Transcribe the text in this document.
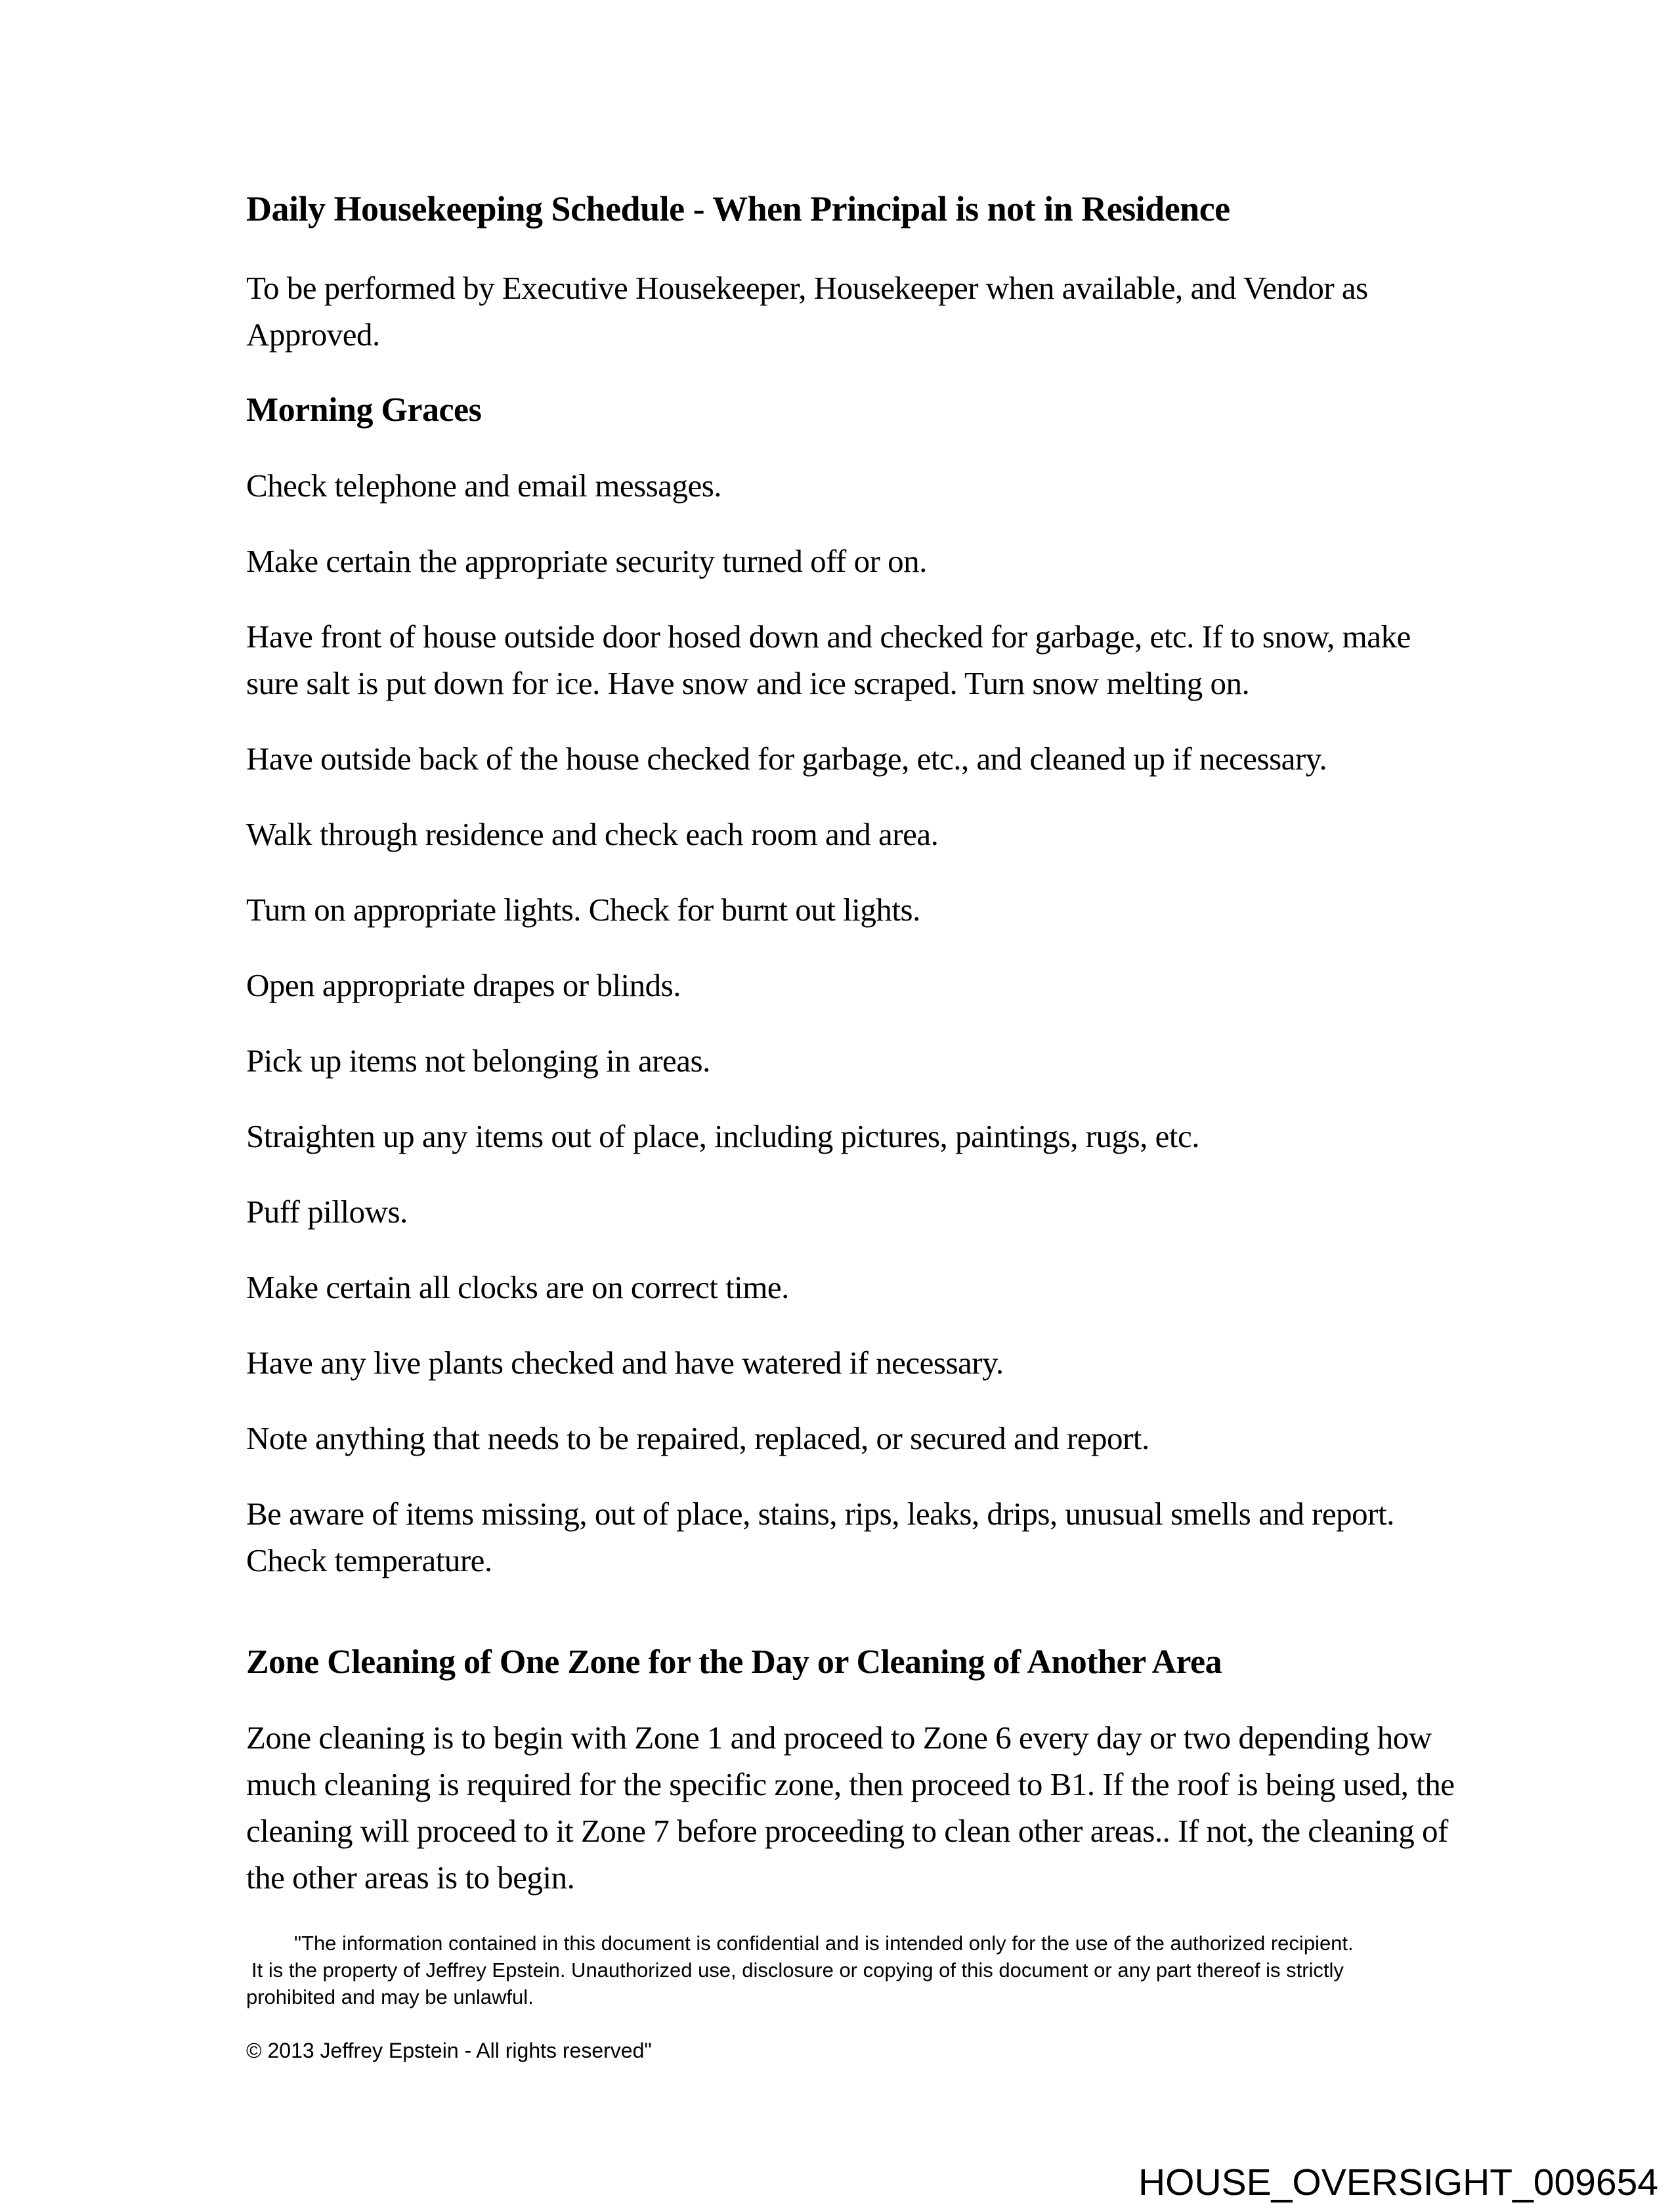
Daily Housekeeping Schedule - When Principal is not in Residence

To be performed by Executive Housekeeper, Housekeeper when available, and Vendor as Approved.

Morning Graces

Check telephone and email messages.

Make certain the appropriate security turned off or on.

Have front of house outside door hosed down and checked for garbage, etc. If to snow, make sure salt is put down for ice. Have snow and ice scraped. Turn snow melting on.

Have outside back of the house checked for garbage, etc., and cleaned up if necessary.

Walk through residence and check each room and area.

Turn on appropriate lights. Check for burnt out lights.

Open appropriate drapes or blinds.

Pick up items not belonging in areas.

Straighten up any items out of place, including pictures, paintings, rugs, etc.

Puff pillows.

Make certain all clocks are on correct time.

Have any live plants checked and have watered if necessary.

Note anything that needs to be repaired, replaced, or secured and report.

Be aware of items missing, out of place, stains, rips, leaks, drips, unusual smells and report. Check temperature.

Zone Cleaning of One Zone for the Day or Cleaning of Another Area

Zone cleaning is to begin with Zone 1 and proceed to Zone 6 every day or two depending how much cleaning is required for the specific zone, then proceed to B1. If the roof is being used, the cleaning will proceed to it Zone 7 before proceeding to clean other areas.. If not, the cleaning of the other areas is to begin.

"The information contained in this document is confidential and is intended only for the use of the authorized recipient.
It is the property of Jeffrey Epstein. Unauthorized use, disclosure or copying of this document or any part thereof is strictly
prohibited and may be unlawful.
© 2013 Jeffrey Epstein - All rights reserved"
HOUSE_OVERSIGHT_009654
